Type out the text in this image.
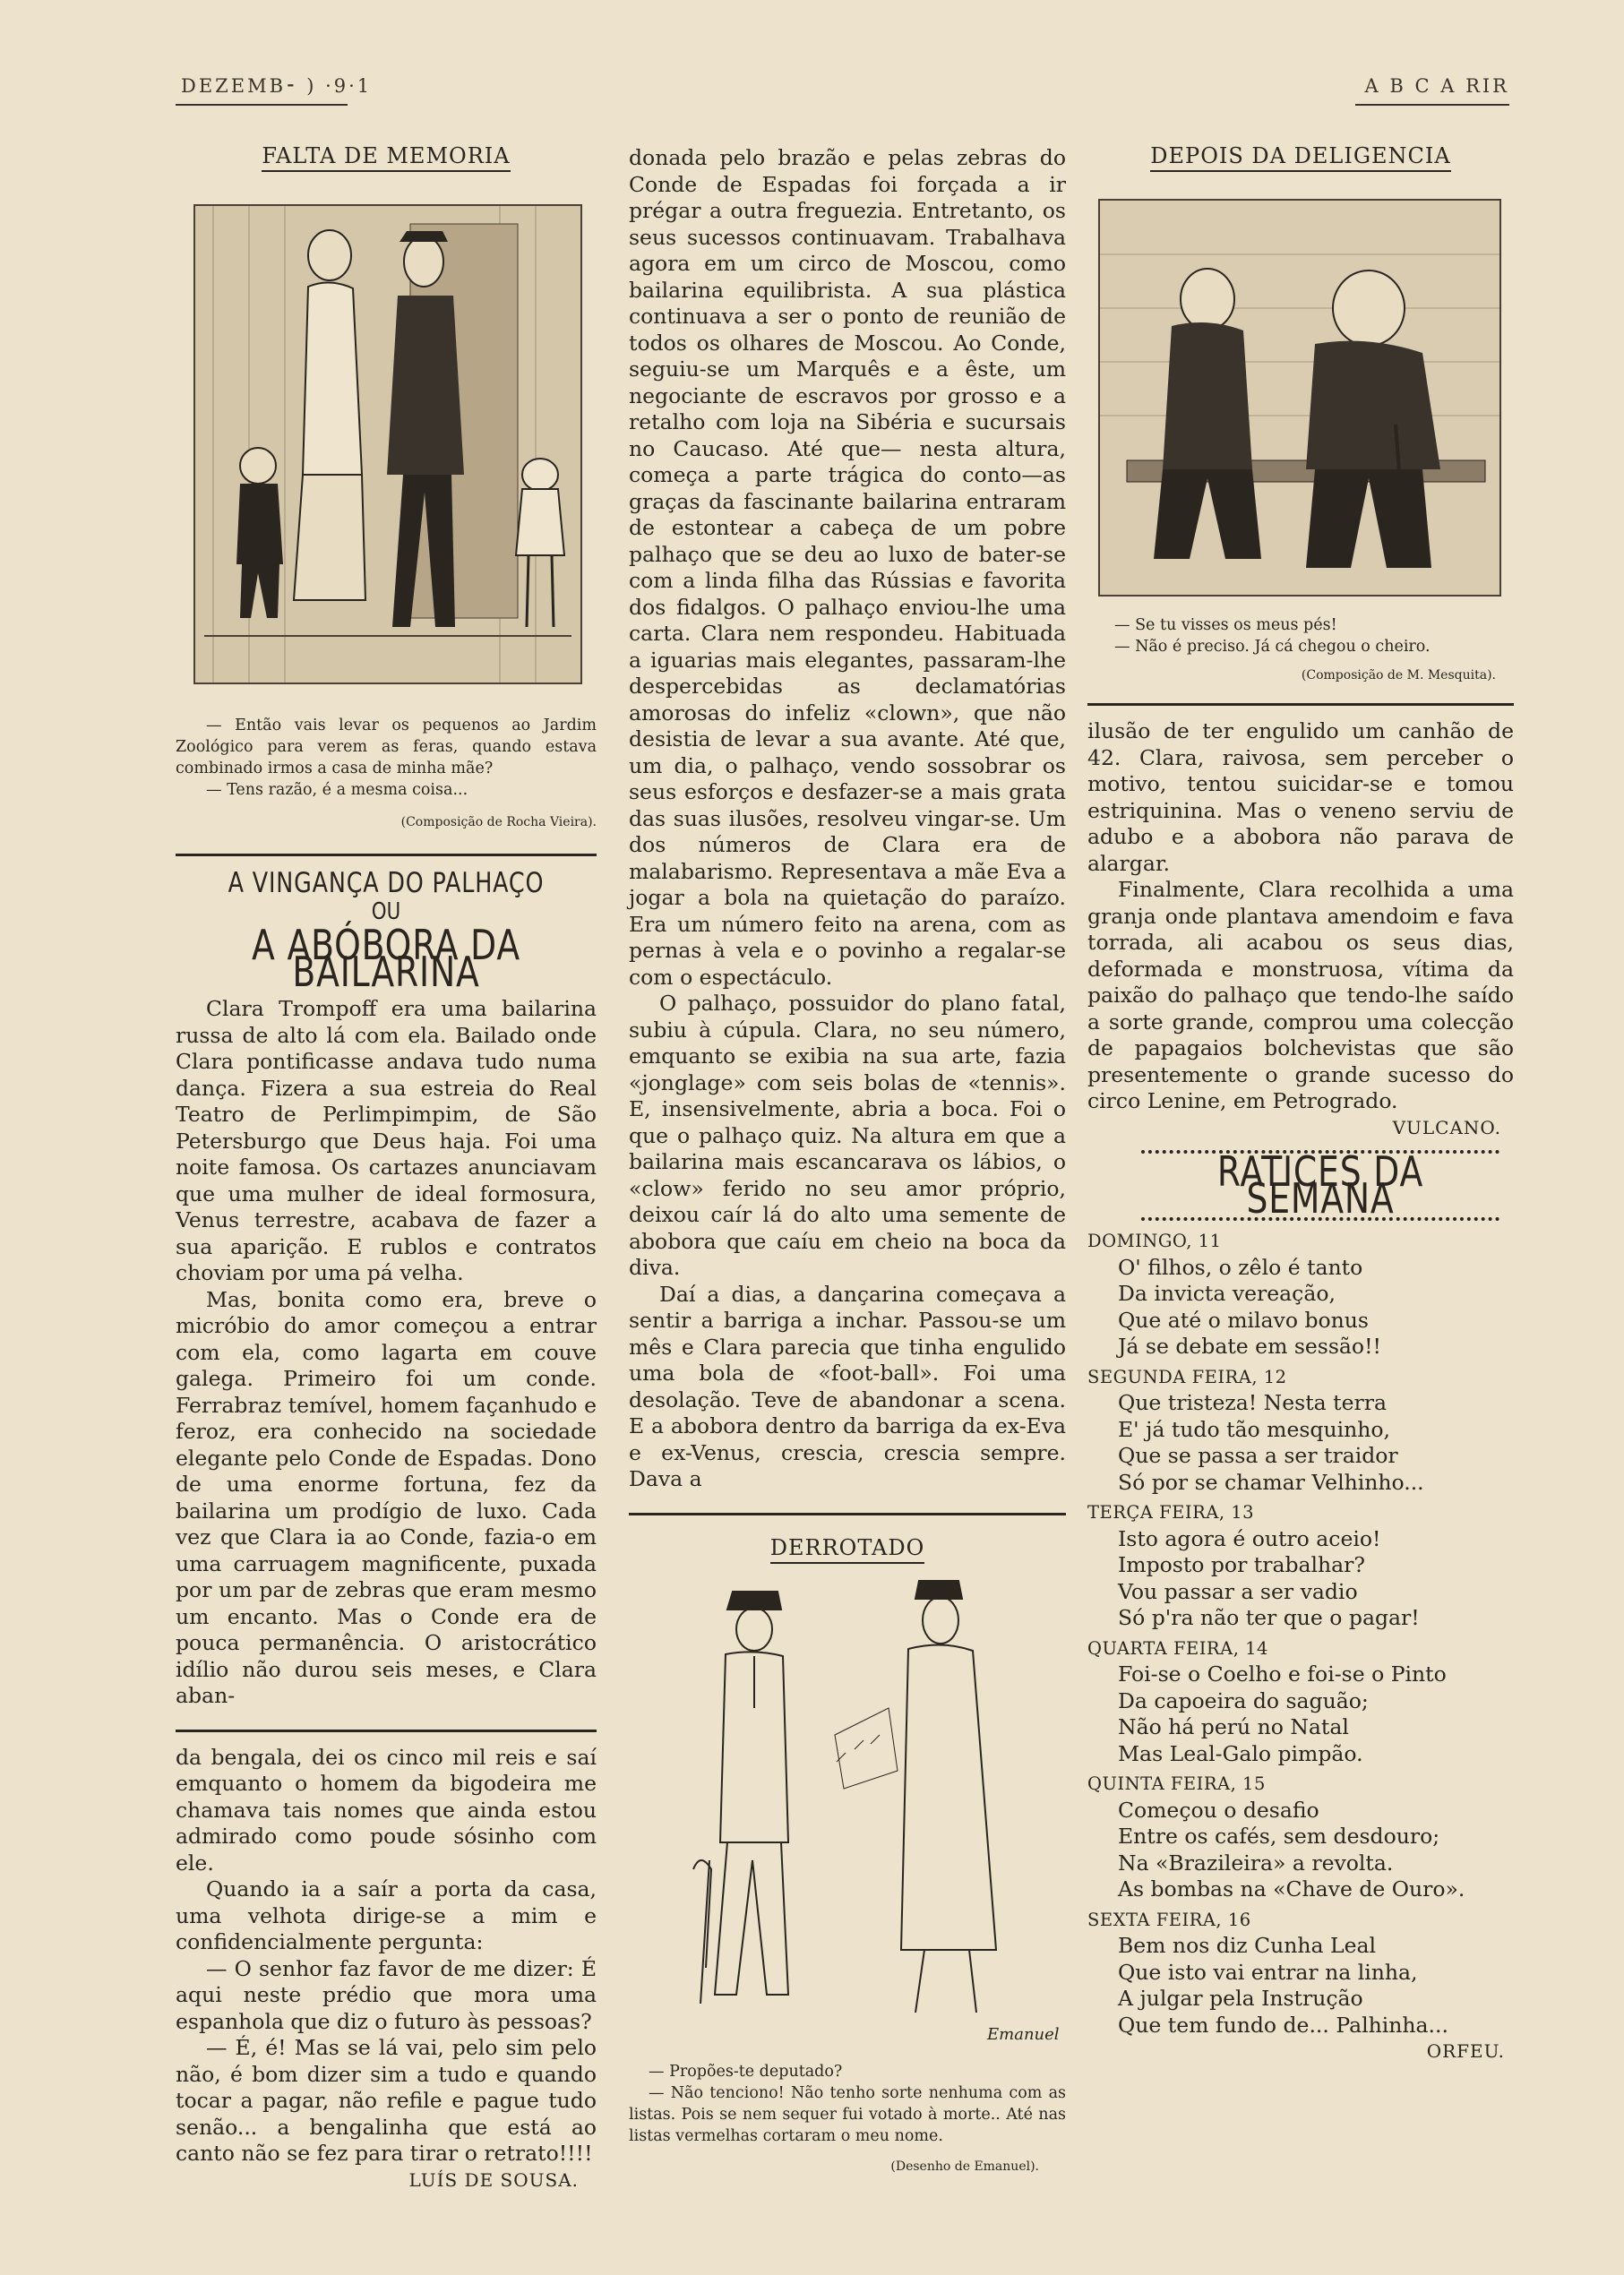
DEZEMB⁃ ) ·9·1	A B C A RIR
FALTA DE MEMORIA

— Então vais levar os pequenos ao Jardim Zoológico para verem as feras, quando estava combinado irmos a casa de minha mãe?

— Tens razão, é a mesma coisa...

(Composição de Rocha Vieira).
A VINGANÇA DO PALHAÇO
OU
A ABÓBORA DA BAILARINA

Clara Trompoff era uma bailarina russa de alto lá com ela. Bailado onde Clara pontificasse andava tudo numa dança. Fizera a sua estreia do Real Teatro de Perlimpimpim, de São Petersburgo que Deus haja. Foi uma noite famosa. Os cartazes anunciavam que uma mulher de ideal formosura, Venus terrestre, acabava de fazer a sua aparição. E rublos e contratos choviam por uma pá velha.

Mas, bonita como era, breve o micróbio do amor começou a entrar com ela, como lagarta em couve galega. Primeiro foi um conde. Ferrabraz temível, homem façanhudo e feroz, era conhecido na sociedade elegante pelo Conde de Espadas. Dono de uma enorme fortuna, fez da bailarina um prodígio de luxo. Cada vez que Clara ia ao Conde, fazia-o em uma carruagem magnificente, puxada por um par de zebras que eram mesmo um encanto. Mas o Conde era de pouca permanência. O aristocrático idílio não durou seis meses, e Clara aban-

da bengala, dei os cinco mil reis e saí emquanto o homem da bigodeira me chamava tais nomes que ainda estou admirado como poude sósinho com ele.

Quando ia a saír a porta da casa, uma velhota dirige-se a mim e confidencialmente pergunta:

— O senhor faz favor de me dizer: É aqui neste prédio que mora uma espanhola que diz o futuro às pessoas?

— É, é! Mas se lá vai, pelo sim pelo não, é bom dizer sim a tudo e quando tocar a pagar, não refile e pague tudo senão... a bengalinha que está ao canto não se fez para tirar o retrato!!!!

LUÍS DE SOUSA.

donada pelo brazão e pelas zebras do Conde de Espadas foi forçada a ir prégar a outra freguezia. Entretanto, os seus sucessos continuavam. Trabalhava agora em um circo de Moscou, como bailarina equilibrista. A sua plástica continuava a ser o ponto de reunião de todos os olhares de Moscou. Ao Conde, seguiu-se um Marquês e a êste, um negociante de escravos por grosso e a retalho com loja na Sibéria e sucursais no Caucaso. Até que— nesta altura, começa a parte trágica do conto—as graças da fascinante bailarina entraram de estontear a cabeça de um pobre palhaço que se deu ao luxo de bater-se com a linda filha das Rússias e favorita dos fidalgos. O palhaço enviou-lhe uma carta. Clara nem respondeu. Habituada a iguarias mais elegantes, passaram-lhe despercebidas as declamatórias amorosas do infeliz «clown», que não desistia de levar a sua avante. Até que, um dia, o palhaço, vendo sossobrar os seus esforços e desfazer-se a mais grata das suas ilusões, resolveu vingar-se. Um dos números de Clara era de malabarismo. Representava a mãe Eva a jogar a bola na quietação do paraízo. Era um número feito na arena, com as pernas à vela e o povinho a regalar-se com o espectáculo.

O palhaço, possuidor do plano fatal, subiu à cúpula. Clara, no seu número, emquanto se exibia na sua arte, fazia «jonglage» com seis bolas de «tennis». E, insensivelmente, abria a boca. Foi o que o palhaço quiz. Na altura em que a bailarina mais escancarava os lábios, o «clow» ferido no seu amor próprio, deixou caír lá do alto uma semente de abobora que caíu em cheio na boca da diva.

Daí a dias, a dançarina começava a sentir a barriga a inchar. Passou-se um mês e Clara parecia que tinha engulido uma bola de «foot-ball». Foi uma desolação. Teve de abandonar a scena. E a abobora dentro da barriga da ex-Eva e ex-Venus, crescia, crescia sempre. Dava a

DERROTADO
Emanuel

— Propões-te deputado?

— Não tenciono! Não tenho sorte nenhuma com as listas. Pois se nem sequer fui votado à morte.. Até nas listas vermelhas cortaram o meu nome.

(Desenho de Emanuel).
DEPOIS DA DELIGENCIA

— Se tu visses os meus pés!

— Não é preciso. Já cá chegou o cheiro.

(Composição de M. Mesquita).

ilusão de ter engulido um canhão de 42. Clara, raivosa, sem perceber o motivo, tentou suicidar-se e tomou estriquinina. Mas o veneno serviu de adubo e a abobora não parava de alargar.

Finalmente, Clara recolhida a uma granja onde plantava amendoim e fava torrada, ali acabou os seus dias, deformada e monstruosa, vítima da paixão do palhaço que tendo-lhe saído a sorte grande, comprou uma colecção de papagaios bolchevistas que são presentemente o grande sucesso do circo Lenine, em Petrogrado.

VULCANO.
RATICES DA SEMANA
DOMINGO, 11
O' filhos, o zêlo é tanto
Da invicta vereação,
Que até o milavo bonus
Já se debate em sessão!!
SEGUNDA FEIRA, 12
Que tristeza! Nesta terra
E' já tudo tão mesquinho,
Que se passa a ser traidor
Só por se chamar Velhinho...
TERÇA FEIRA, 13
Isto agora é outro aceio!
Imposto por trabalhar?
Vou passar a ser vadio
Só p'ra não ter que o pagar!
QUARTA FEIRA, 14
Foi-se o Coelho e foi-se o Pinto
Da capoeira do saguão;
Não há perú no Natal
Mas Leal-Galo pimpão.
QUINTA FEIRA, 15
Começou o desafio
Entre os cafés, sem desdouro;
Na «Brazileira» a revolta.
As bombas na «Chave de Ouro».
SEXTA FEIRA, 16
Bem nos diz Cunha Leal
Que isto vai entrar na linha,
A julgar pela Instrução
Que tem fundo de... Palhinha...
ORFEU.
